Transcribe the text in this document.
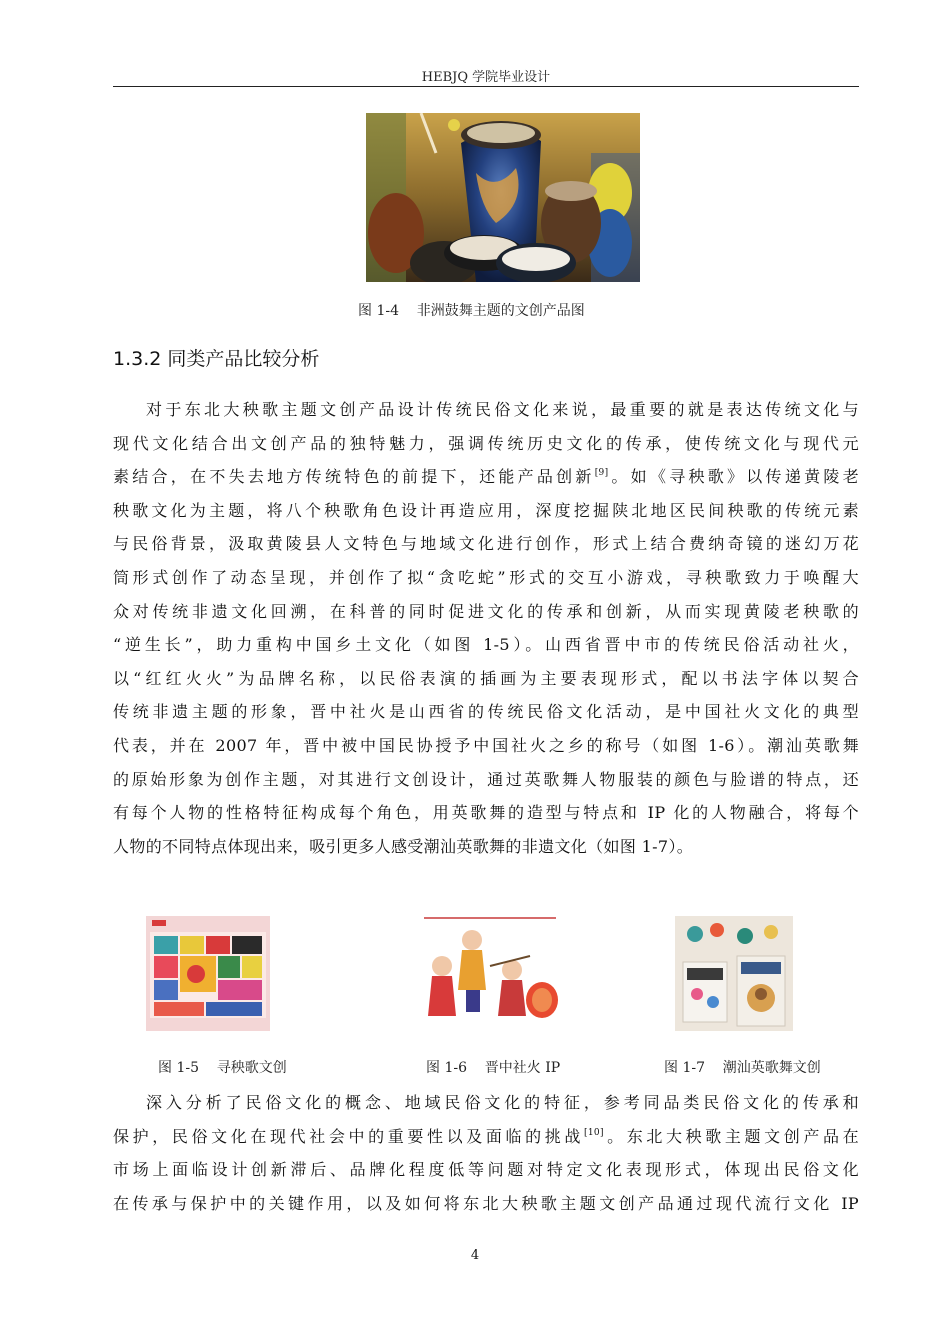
HEBJQ 学院毕业设计
图 1-4    非洲鼓舞主题的文创产品图
1.3.2 同类产品比较分析
对于东北大秧歌主题文创产品设计传统民俗文化来说，最重要的就是表达传统文化与
现代文化结合出文创产品的独特魅力，强调传统历史文化的传承，使传统文化与现代元
素结合，在不失去地方传统特色的前提下，还能产品创新[9]。如《寻秧歌》以传递黄陵老
秧歌文化为主题，将八个秧歌角色设计再造应用，深度挖掘陕北地区民间秧歌的传统元素
与民俗背景，汲取黄陵县人文特色与地域文化进行创作，形式上结合费纳奇镜的迷幻万花
筒形式创作了动态呈现，并创作了拟“贪吃蛇”形式的交互小游戏，寻秧歌致力于唤醒大
众对传统非遗文化回溯，在科普的同时促进文化的传承和创新，从而实现黄陵老秧歌的
“逆生长”，助力重构中国乡土文化（如图 1-5）。山西省晋中市的传统民俗活动社火，
以“红红火火”为品牌名称，以民俗表演的插画为主要表现形式，配以书法字体以契合
传统非遗主题的形象，晋中社火是山西省的传统民俗文化活动，是中国社火文化的典型
代表，并在 2007 年，晋中被中国民协授予中国社火之乡的称号（如图 1-6）。潮汕英歌舞
的原始形象为创作主题，对其进行文创设计，通过英歌舞人物服装的颜色与脸谱的特点，还
有每个人物的性格特征构成每个角色，用英歌舞的造型与特点和 IP 化的人物融合，将每个
人物的不同特点体现出来，吸引更多人感受潮汕英歌舞的非遗文化（如图 1-7）。
图 1-5    寻秧歌文创	图 1-6    晋中社火 IP	图 1-7    潮汕英歌舞文创
深入分析了民俗文化的概念、地域民俗文化的特征，参考同品类民俗文化的传承和
保护，民俗文化在现代社会中的重要性以及面临的挑战[10]。东北大秧歌主题文创产品在
市场上面临设计创新滞后、品牌化程度低等问题对特定文化表现形式，体现出民俗文化
在传承与保护中的关键作用，以及如何将东北大秧歌主题文创产品通过现代流行文化 IP
4
